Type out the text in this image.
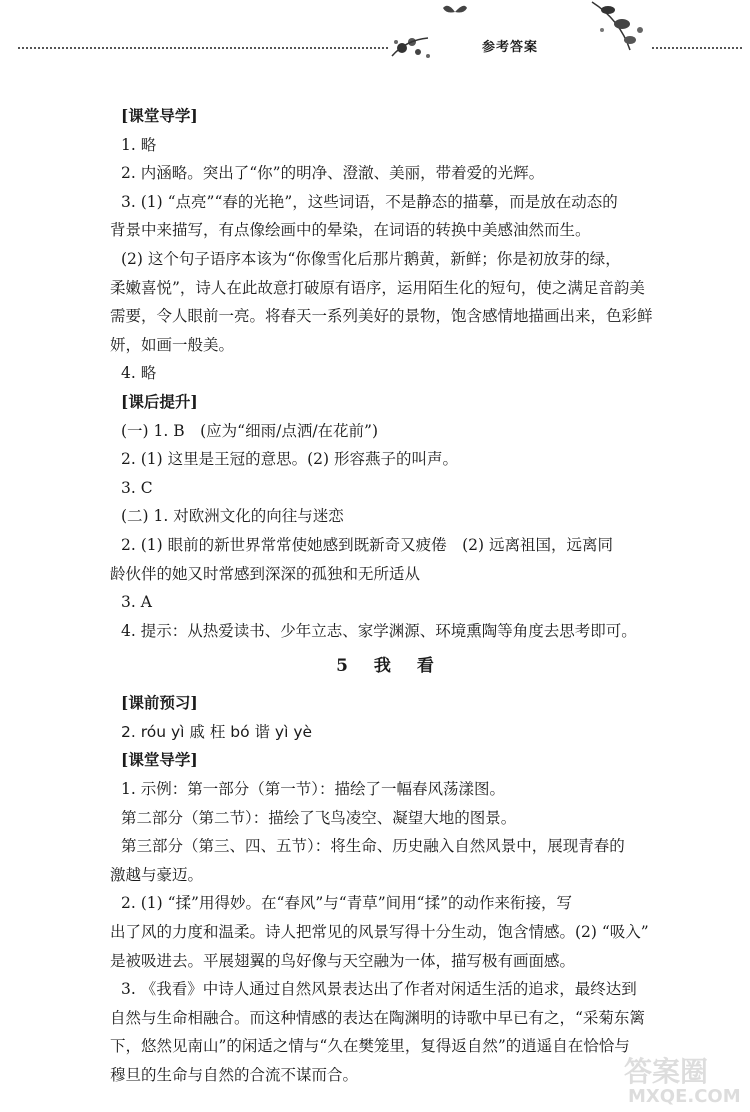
参考答案
[课堂导学]
1. 略
2. 内涵略。突出了“你”的明净、澄澈、美丽，带着爱的光辉。
3. (1) “点亮”“春的光艳”，这些词语，不是静态的描摹，而是放在动态的
背景中来描写，有点像绘画中的晕染，在词语的转换中美感油然而生。
(2) 这个句子语序本该为“你像雪化后那片鹅黄，新鲜；你是初放芽的绿，
柔嫩喜悦”，诗人在此故意打破原有语序，运用陌生化的短句，使之满足音韵美
需要，令人眼前一亮。将春天一系列美好的景物，饱含感情地描画出来，色彩鲜
妍，如画一般美。
4. 略
[课后提升]
(一) 1. B　(应为“细雨/点洒/在花前”)
2. (1) 这里是王冠的意思。(2) 形容燕子的叫声。
3. C
(二) 1. 对欧洲文化的向往与迷恋
2. (1) 眼前的新世界常常使她感到既新奇又疲倦　(2) 远离祖国，远离同
龄伙伴的她又时常感到深深的孤独和无所适从
3. A
4. 提示：从热爱读书、少年立志、家学渊源、环境熏陶等角度去思考即可。
5 我 看
[课前预习]
2. róu yì 戚 枉 bó 谐 yì yè
[课堂导学]
1. 示例：第一部分（第一节）：描绘了一幅春风荡漾图。
第二部分（第二节）：描绘了飞鸟凌空、凝望大地的图景。
第三部分（第三、四、五节）：将生命、历史融入自然风景中，展现青春的
激越与豪迈。
2. (1) “揉”用得妙。在“春风”与“青草”间用“揉”的动作来衔接，写
出了风的力度和温柔。诗人把常见的风景写得十分生动，饱含情感。(2) “吸入”
是被吸进去。平展翅翼的鸟好像与天空融为一体，描写极有画面感。
3. 《我看》中诗人通过自然风景表达出了作者对闲适生活的追求，最终达到
自然与生命相融合。而这种情感的表达在陶渊明的诗歌中早已有之，“采菊东篱
下，悠然见南山”的闲适之情与“久在樊笼里，复得返自然”的逍遥自在恰恰与
穆旦的生命与自然的合流不谋而合。	答案圈
MXQE.COM
